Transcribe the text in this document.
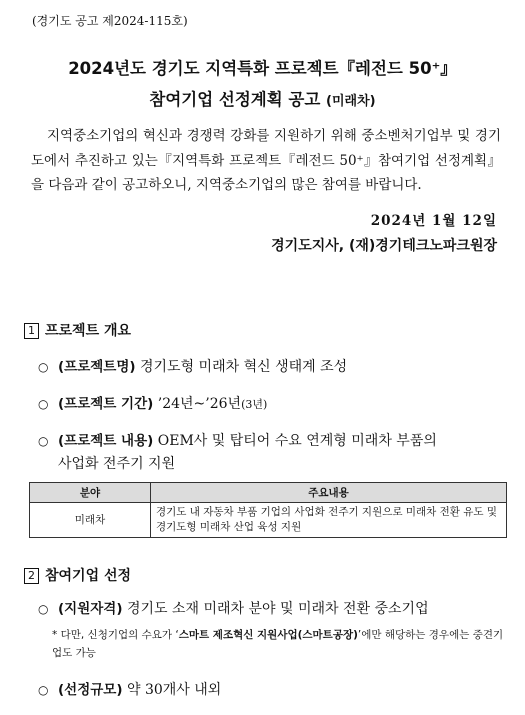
(경기도 공고 제2024-115호)
2024년도 경기도 지역특화 프로젝트『레전드 50⁺』
참여기업 선정계획 공고 (미래차)
지역중소기업의 혁신과 경쟁력 강화를 지원하기 위해 중소벤처기업부 및 경기도에서 추진하고 있는『지역특화 프로젝트『레전드 50⁺』참여기업 선정계획』을 다음과 같이 공고하오니, 지역중소기업의 많은 참여를 바랍니다.
2024년 1월 12일
경기도지사, (재)경기테크노파크원장
1 프로젝트 개요
○ (프로젝트명) 경기도형 미래차 혁신 생태계 조성
○ (프로젝트 기간) ’24년~’26년(3년)
○ (프로젝트 내용) OEM사 및 탑티어 수요 연계형 미래차 부품의
사업화 전주기 지원
분야	주요내용
미래차	경기도 내 자동차 부품 기업의 사업화 전주기 지원으로 미래차 전환 유도 및 경기도형 미래차 산업 육성 지원
2 참여기업 선정
○ (지원자격) 경기도 소재 미래차 분야 및 미래차 전환 중소기업
* 다만, 신청기업의 수요가 ‘스마트 제조혁신 지원사업(스마트공장)’에만 해당하는 경우에는 중견기업도 가능
○ (선정규모) 약 30개사 내외
